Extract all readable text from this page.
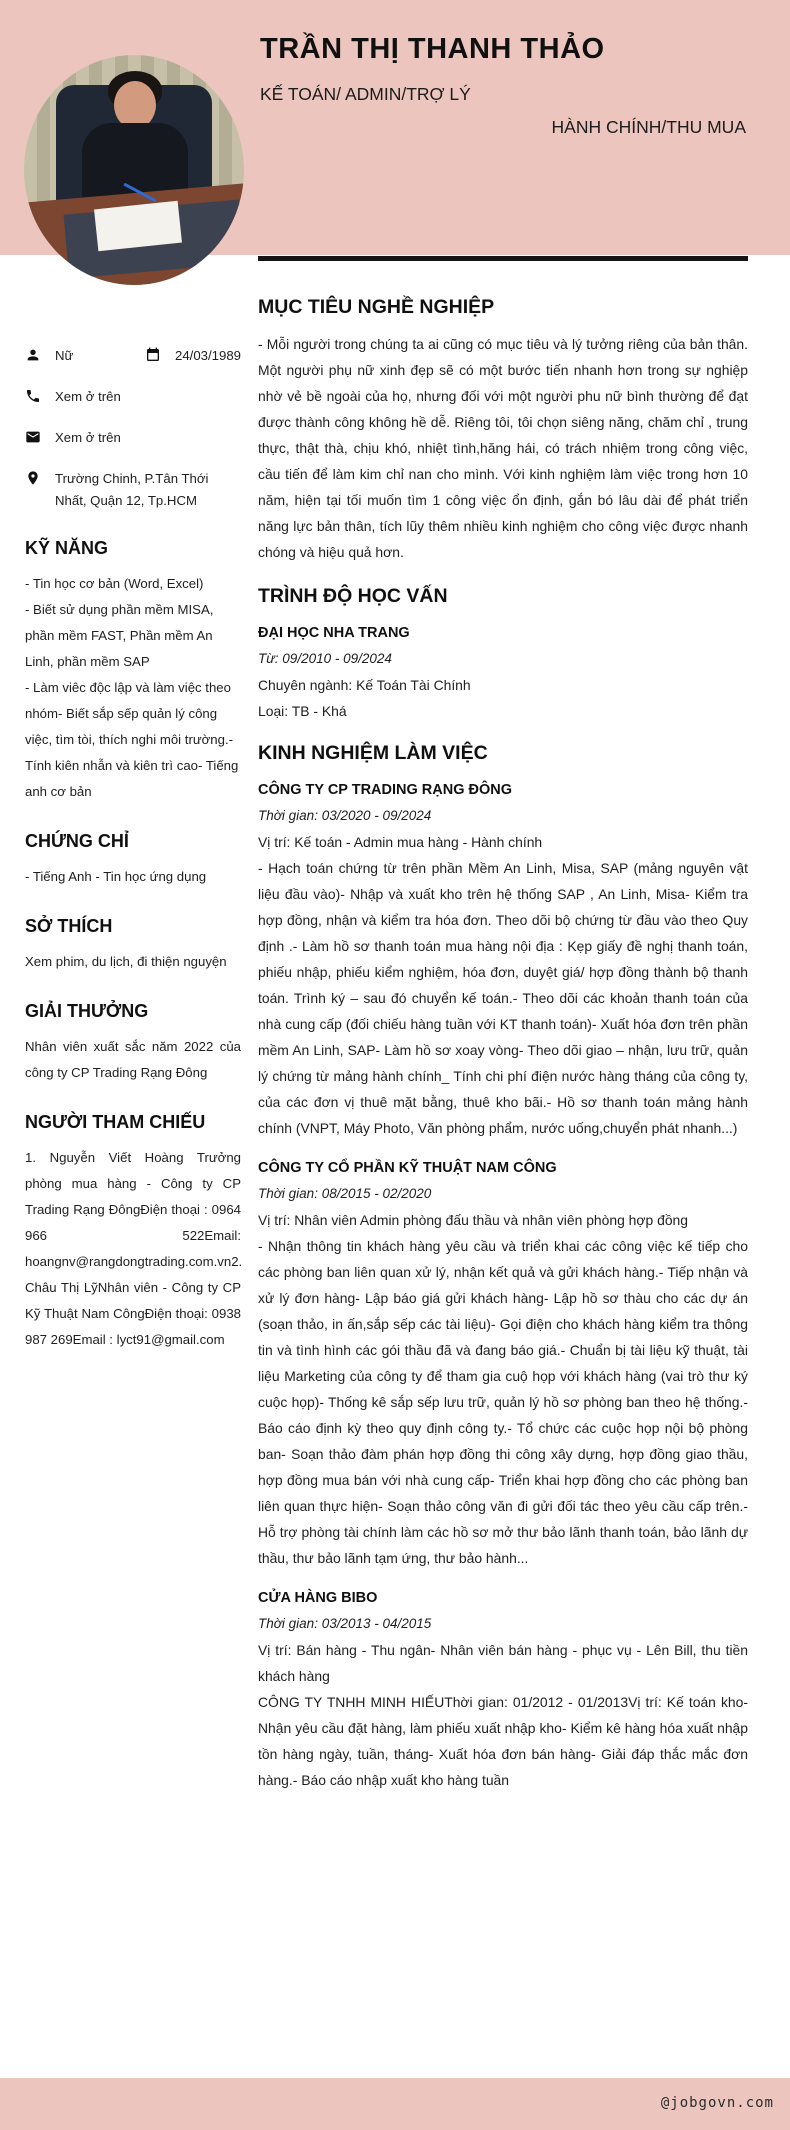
TRẦN THỊ THANH THẢO
KẾ TOÁN/ ADMIN/TRỢ LÝ
HÀNH CHÍNH/THU MUA
Nữ	24/03/1989
Xem ở trên
Xem ở trên
Trường Chinh, P.Tân Thới Nhất, Quận 12, Tp.HCM
KỸ NĂNG
- Tin học cơ bản (Word, Excel)
- Biết sử dụng phần mềm MISA, phần mềm FAST, Phần mềm An Linh, phần mềm SAP
- Làm viêc độc lập và làm việc theo nhóm- Biết sắp sếp quản lý công việc, tìm tòi, thích nghi môi trường.- Tính kiên nhẫn và kiên trì cao- Tiếng anh cơ bản
CHỨNG CHỈ
- Tiếng Anh - Tin học ứng dụng
SỞ THÍCH
Xem phim, du lịch, đi thiện nguyện
GIẢI THƯỞNG
Nhân viên xuất sắc năm 2022 của công ty CP Trading Rạng Đông
NGƯỜI THAM CHIẾU
1. Nguyễn Viết Hoàng Trưởng phòng mua hàng - Công ty CP Trading Rạng ĐôngĐiện thoại : 0964 966 522Email: hoangnv@rangdongtrading.com.vn2. Châu Thị LỹNhân viên - Công ty CP Kỹ Thuật Nam CôngĐiện thoại: 0938 987 269Email : lyct91@gmail.com
MỤC TIÊU NGHỀ NGHIỆP
- Mỗi người trong chúng ta ai cũng có mục tiêu và lý tưởng riêng của bản thân. Một người phụ nữ xinh đẹp sẽ có một bước tiến nhanh hơn trong sự nghiệp nhờ vẻ bề ngoài của họ, nhưng đối với một người phu nữ bình thường để đạt được thành công không hề dễ. Riêng tôi, tôi chọn siêng năng, chăm chỉ , trung thực, thật thà, chịu khó, nhiệt tình,hăng hái, có trách nhiệm trong công việc, cầu tiến để làm kim chỉ nan cho mình. Với kinh nghiệm làm việc trong hơn 10 năm, hiện tại tối muốn tìm 1 công việc ổn định, gắn bó lâu dài để phát triển năng lực bản thân, tích lũy thêm nhiều kinh nghiệm cho công việc được nhanh chóng và hiệu quả hơn.
TRÌNH ĐỘ HỌC VẤN
ĐẠI HỌC NHA TRANG
Từ: 09/2010 - 09/2024
Chuyên ngành: Kế Toán Tài Chính
Loại: TB - Khá
KINH NGHIỆM LÀM VIỆC
CÔNG TY CP TRADING RẠNG ĐÔNG
Thời gian: 03/2020 - 09/2024
Vị trí: Kế toán - Admin mua hàng - Hành chính
- Hạch toán chứng từ trên phần Mềm An Linh, Misa, SAP (mảng nguyên vật liệu đầu vào)- Nhập và xuất kho trên hệ thống SAP , An Linh, Misa- Kiểm tra hợp đồng, nhận và kiểm tra hóa đơn. Theo dõi bộ chứng từ đầu vào theo Quy định .- Làm hồ sơ thanh toán mua hàng nội địa : Kẹp giấy đề nghị thanh toán, phiếu nhập, phiếu kiểm nghiệm, hóa đơn, duyệt giá/ hợp đồng thành bộ thanh toán. Trình ký – sau đó chuyển kế toán.- Theo dõi các khoản thanh toán của nhà cung cấp (đối chiếu hàng tuần với KT thanh toán)- Xuất hóa đơn trên phần mềm An Linh, SAP- Làm hồ sơ xoay vòng- Theo dõi giao – nhận, lưu trữ, quản lý chứng từ mảng hành chính_ Tính chi phí điện nước hàng tháng của công ty, của các đơn vị thuê mặt bằng, thuê kho bãi.- Hồ sơ thanh toán mảng hành chính (VNPT, Máy Photo, Văn phòng phẩm, nước uống,chuyển phát nhanh...)
CÔNG TY CỔ PHẦN KỸ THUẬT NAM CÔNG
Thời gian: 08/2015 - 02/2020
Vị trí: Nhân viên Admin phòng đấu thầu và nhân viên phòng hợp đồng
- Nhận thông tin khách hàng yêu cầu và triển khai các công việc kế tiếp cho các phòng ban liên quan xử lý, nhận kết quả và gửi khách hàng.- Tiếp nhận và xử lý đơn hàng- Lập báo giá gửi khách hàng- Lập hồ sơ thàu cho các dự án (soạn thảo, in ấn,sắp sếp các tài liệu)- Gọi điện cho khách hàng kiểm tra thông tin và tình hình các gói thầu đã và đang báo giá.- Chuẩn bị tài liệu kỹ thuật, tài liệu Marketing của công ty để tham gia cuộ họp với khách hàng (vai trò thư ký cuộc họp)- Thống kê sắp sếp lưu trữ, quản lý hồ sơ phòng ban theo hệ thống.- Báo cáo định kỳ theo quy định công ty.- Tổ chức các cuộc họp nội bộ phòng ban- Soạn thảo đàm phán hợp đồng thi công xây dựng, hợp đồng giao thầu, hợp đồng mua bán với nhà cung cấp- Triển khai hợp đồng cho các phòng ban liên quan thực hiện- Soạn thảo công văn đi gửi đối tác theo yêu cầu cấp trên.- Hỗ trợ phòng tài chính làm các hồ sơ mở thư bảo lãnh thanh toán, bảo lãnh dự thầu, thư bảo lãnh tạm ứng, thư bảo hành...
CỬA HÀNG BIBO
Thời gian: 03/2013 - 04/2015
Vị trí: Bán hàng - Thu ngân- Nhân viên bán hàng - phục vụ - Lên Bill, thu tiền khách hàng
CÔNG TY TNHH MINH HIẾUThời gian: 01/2012 - 01/2013Vị trí: Kế toán kho- Nhận yêu cầu đặt hàng, làm phiếu xuất nhập kho- Kiểm kê hàng hóa xuất nhập tồn hàng ngày, tuần, tháng- Xuất hóa đơn bán hàng- Giải đáp thắc mắc đơn hàng.- Báo cáo nhập xuất kho hàng tuần
@jobgovn.com
